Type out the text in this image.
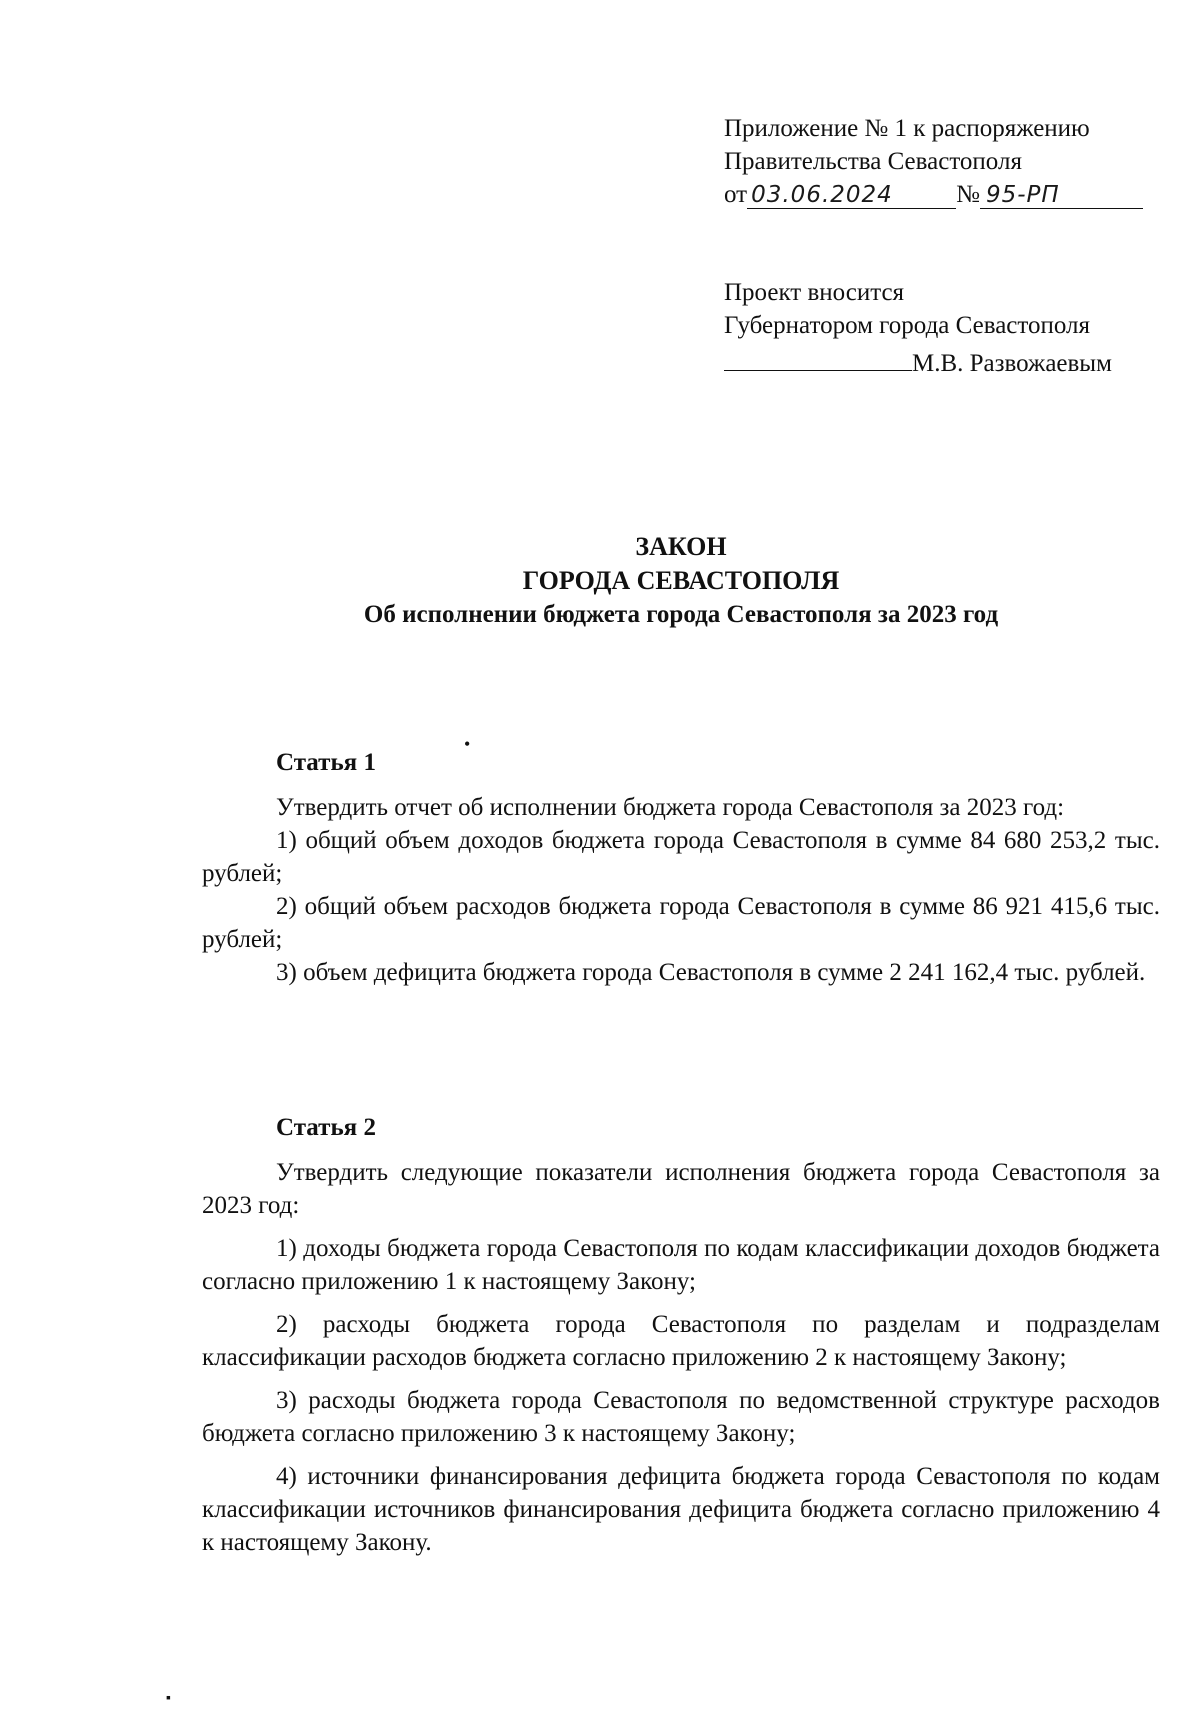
Приложение № 1 к распоряжению
Правительства Севастополя
от 03.06.2024	№ 95-РП
Проект вносится
Губернатором города Севастополя
М.В. Развожаевым
ЗАКОН
ГОРОДА СЕВАСТОПОЛЯ
Об исполнении бюджета города Севастополя за 2023 год
•
Статья 1

Утвердить отчет об исполнении бюджета города Севастополя за 2023 год:

1) общий объем доходов бюджета города Севастополя в сумме 84 680 253,2 тыс. рублей;

2) общий объем расходов бюджета города Севастополя в сумме 86 921 415,6 тыс. рублей;

3) объем дефицита бюджета города Севастополя в сумме 2 241 162,4 тыс. рублей.

Статья 2

Утвердить следующие показатели исполнения бюджета города Севастополя за 2023 год:

1) доходы бюджета города Севастополя по кодам классификации доходов бюджета согласно приложению 1 к настоящему Закону;

2) расходы бюджета города Севастополя по разделам и подразделам классификации расходов бюджета согласно приложению 2 к настоящему Закону;

3) расходы бюджета города Севастополя по ведомственной структуре расходов бюджета согласно приложению 3 к настоящему Закону;

4) источники финансирования дефицита бюджета города Севастополя по кодам классификации источников финансирования дефицита бюджета согласно приложению 4 к настоящему Закону.

▪
